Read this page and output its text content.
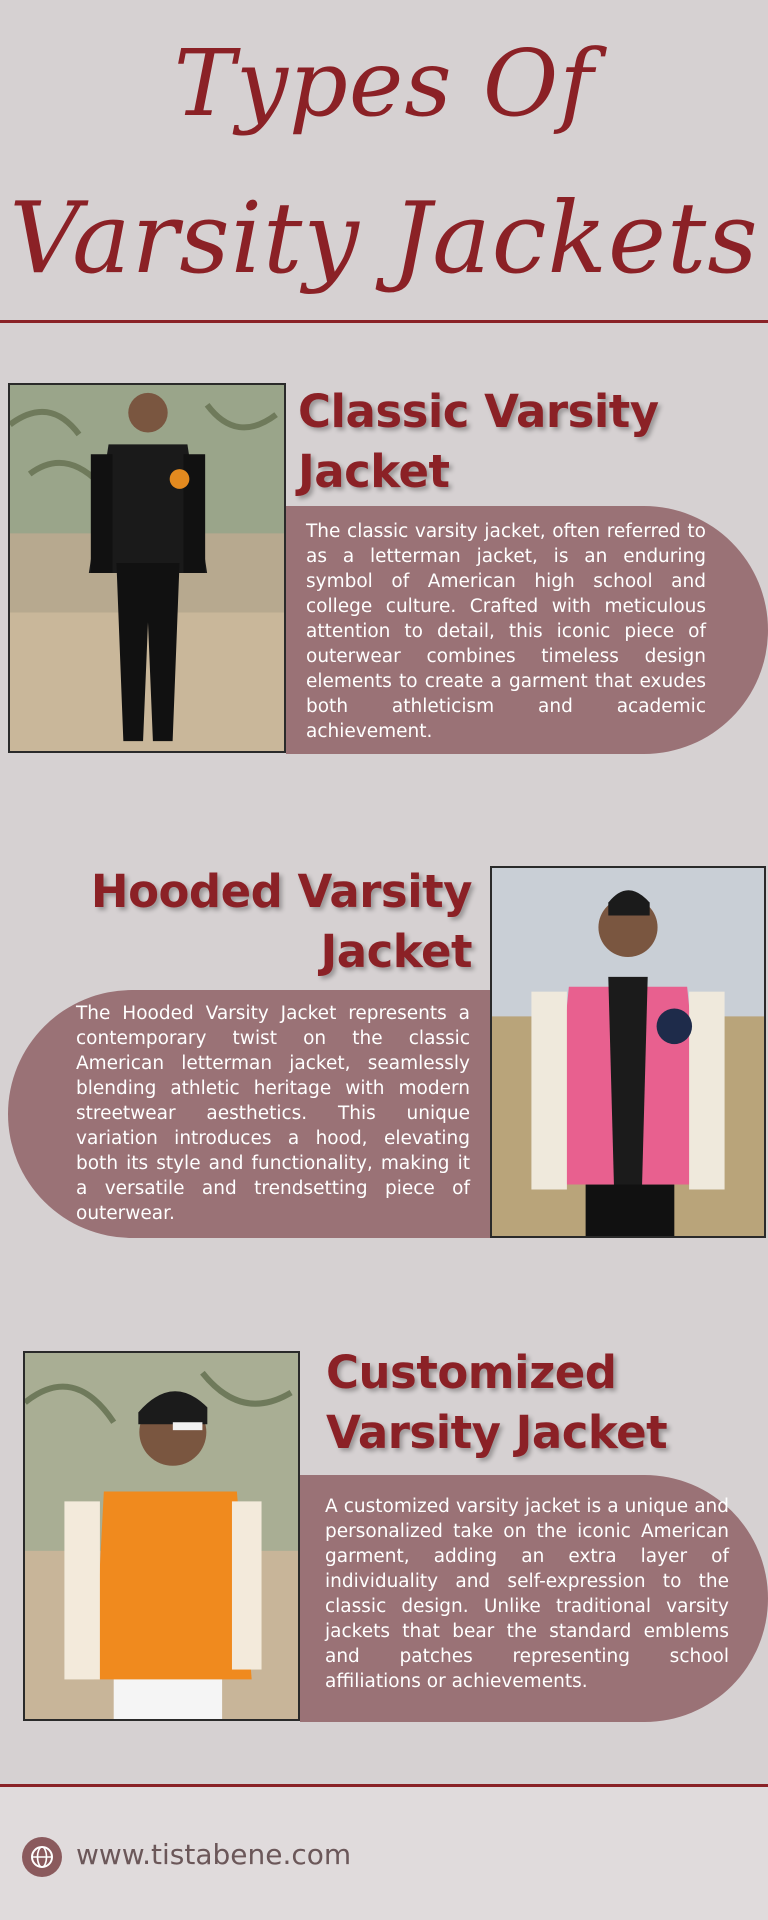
Types Of
Varsity Jackets
Classic Varsity
Jacket
The classic varsity jacket, often referred to as a letterman jacket, is an enduring symbol of American high school and college culture. Crafted with meticulous attention to detail, this iconic piece of outerwear combines timeless design elements to create a garment that exudes both athleticism and academic achievement.
Hooded Varsity
Jacket
The Hooded Varsity Jacket represents a contemporary twist on the classic American letterman jacket, seamlessly blending athletic heritage with modern streetwear aesthetics. This unique variation introduces a hood, elevating both its style and functionality, making it a versatile and trendsetting piece of outerwear.
Customized
Varsity Jacket
A customized varsity jacket is a unique and personalized take on the iconic American garment, adding an extra layer of individuality and self-expression to the classic design. Unlike traditional varsity jackets that bear the standard emblems and patches representing school affiliations or achievements.
www.tistabene.com
